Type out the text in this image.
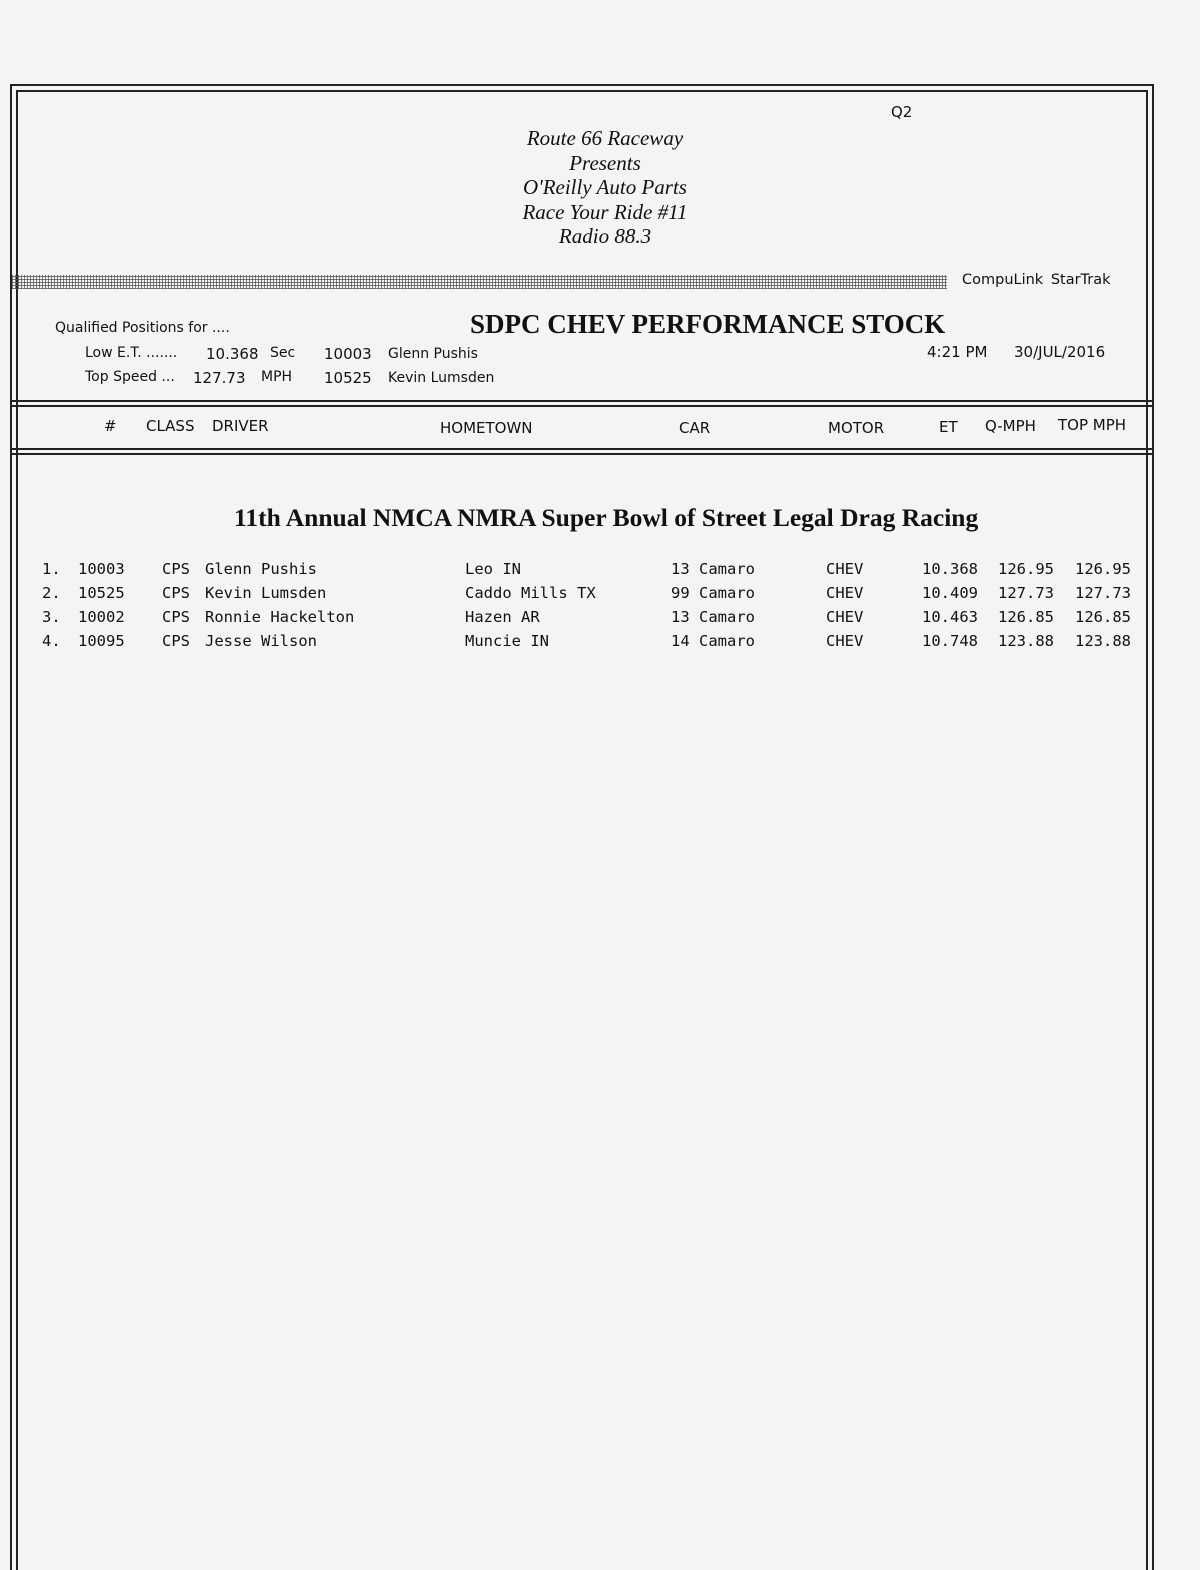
Q2
Route 66 Raceway
Presents
O'Reilly Auto Parts
Race Your Ride #11
Radio 88.3
CompuLink StarTrak
Qualified Positions for ....	SDPC CHEV PERFORMANCE STOCK
Low E.T. ....... 10.368 Sec 10003 Glenn Pushis
Top Speed ... 127.73 MPH 10525 Kevin Lumsden
4:21 PM 30/JUL/2016
# CLASS DRIVER	HOMETOWN	CAR	MOTOR	ET Q-MPH TOP MPH
11th Annual NMCA NMRA Super Bowl of Street Legal Drag Racing
1. 10003 CPS Glenn Pushis	Leo IN	13 Camaro	CHEV	10.368 126.95 126.95
2. 10525 CPS Kevin Lumsden	Caddo Mills TX	99 Camaro	CHEV	10.409 127.73 127.73
3. 10002 CPS Ronnie Hackelton	Hazen AR	13 Camaro	CHEV	10.463 126.85 126.85
4. 10095 CPS Jesse Wilson	Muncie IN	14 Camaro	CHEV	10.748 123.88 123.88
